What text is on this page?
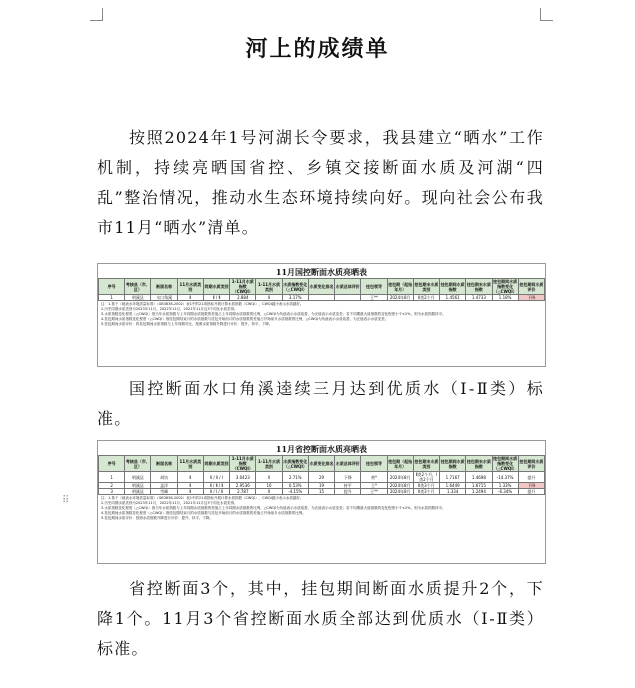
河上的成绩单
按照2024年1号河湖长令要求，我县建立“晒水”工作机制，持续亮晒国省控、乡镇交接断面水质及河湖“四乱”整治情况，推动水生态环境持续向好。现向社会公布我市11月“晒水”清单。
11月国控断面水质亮晒表
序号	考核县（市、区）	断面名称	11月水质类别	同期水质类别	1-11月水质指数（CWQI）	1-11月水质类别	水质指数变化（△CWQI）	水质变化排名	水质总体评价	挂包领导	挂包期（起始年月）	挂包期末水质类别	挂包期间水质指数	挂包期末水质指数	挂包期间水质指数变化（△CWQI）	挂包期间水质评价
1	明溪县	水口角溪	Ⅱ	Ⅱ / Ⅱ	2.884	Ⅱ	3.17%			王**	2024年8月	Ⅱ类2个月	1.4561	1.4733	1.18%	下降
注：1.基于《地表水环境质量标准》（GB3838-2002）表1中的21项指标开展计算水质指数（CWQI），CWQI越小表示水质越好。
2.历史同期水质类别为2023年11月，2022年11月，2021年11月这3个同比水质类别。
3.水质指数变化程度（△CWQI）指当年水质指数与上年同期水质指数的差值占上年同期水质指数的比例，△CWQI为负值表示水质改善，为正值表示水质变差；若不同期最大值指数的变化程度小于±2%，则为水质指数持平。
4.挂包期间水质指数变化程度（△CWQI）指挂包期结束月的水质指数与挂包开始前月的水质指数的差值占开始前月水质指数的比例，△CWQI为负值表示水质改善，为正值表示水质变差。
5.挂包期间水质评价：将挂包期间水质指数与上年同期对比，按照水质指数升降进行评价：提升、持平、下降。
国控断面水口角溪逵续三月达到优质水（Ⅰ-Ⅱ类）标准。
⠿
11月省控断面水质亮晒表
序号	考核县（市、区）	断面名称	11月水质类别	同期水质类别	1-11月水质指数（CWQI）	1-11月水质类别	水质指数变化（△CWQI）	水质变化排名	水质总体评价	挂包领导	挂包期（起始年月）	挂包期末水质类别	挂包期间水质指数	挂包期末水质指数	挂包期间水质指数变化（△CWQI）	挂包期间水质评价
1	明溪县	胡坊	Ⅱ	Ⅱ / Ⅱ / Ⅰ	3.0423	Ⅱ	2.71%	29	下降	黄*	2024年8月	Ⅱ类2个月，Ⅰ类2个月	1.7167	1.4698	-14.37%	提升
2	明溪县	盖洋	Ⅱ	Ⅱ / Ⅱ / Ⅱ	2.9536	16	0.53%	19	持平	王*	2024年8月	Ⅱ类3个月	1.6449	1.6715	1.33%	下降
3	明溪县	雪峰	Ⅱ	Ⅱ / Ⅰ / Ⅱ	2.787	Ⅱ	-4.15%	15	提升	王**	2024年8月	Ⅱ类3个月	1.334	1.2494	-6.34%	提升
注：1.基于《地表水环境质量标准》（GB3838-2002）表1中的21项指标开展计算水质指数（CWQI），CWQI越小表示水质越好。
2.历史同期水质类别为2023年11月，2022年11月，2021年11月这3个同比水质类别。
3.水质指数变化程度（△CWQI）指当年水质指数与上年同期水质指数的差值占上年同期水质指数的比例，△CWQI为负值表示水质改善，为正值表示水质变差；若不同期最大值指数的变化程度小于±2%，则为水质指数持平。
4.挂包期间水质指数变化程度（△CWQI）指挂包期结束月的水质指数与挂包开始前月的水质指数的差值占开始前月水质指数的比例。
5.挂包期间水质评价：按照水质指数升降进行评价：提升、持平、下降。
省控断面3个，其中，挂包期间断面水质提升2个，下降1个。11月3个省控断面水质全部达到优质水（Ⅰ-Ⅱ类）标准。
